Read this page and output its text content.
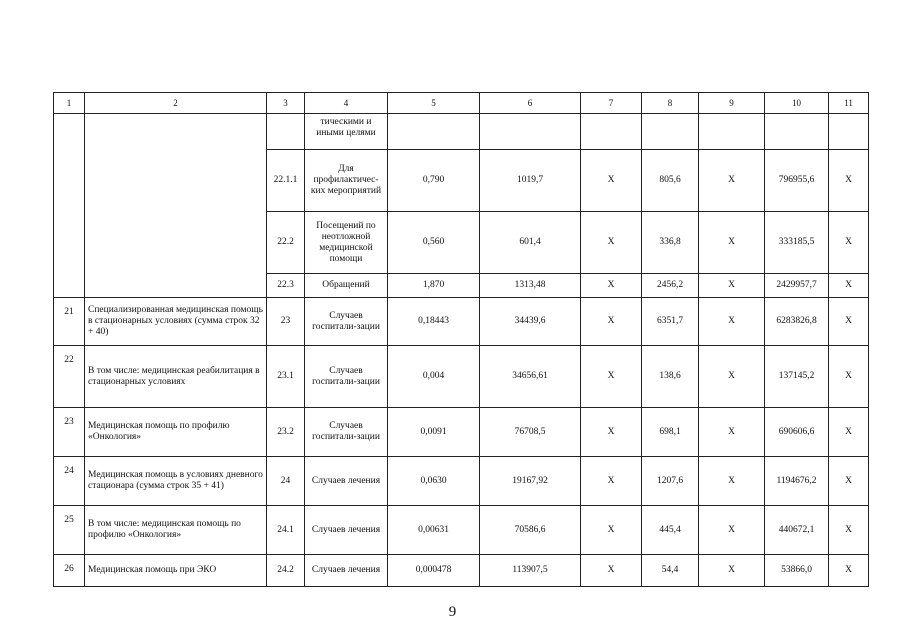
1	2	3	4	5	6	7	8	9	10	11
			тическими и иными целями							
		22.1.1	Для профилактичес-ких мероприятий	0,790	1019,7	X	805,6	X	796955,6	X
		22.2	Посещений по неотложной медицинской помощи	0,560	601,4	X	336,8	X	333185,5	X
		22.3	Обращений	1,870	1313,48	X	2456,2	X	2429957,7	X
21	Специализированная медицинская помощь в стационарных условиях (сумма строк 32 + 40)	23	Случаев госпитали-зации	0,18443	34439,6	X	6351,7	X	6283826,8	X
22	В том числе: медицинская реабилитация в стационарных условиях	23.1	Случаев госпитали-зации	0,004	34656,61	X	138,6	X	137145,2	X
23	Медицинская помощь по профилю «Онкология»	23.2	Случаев госпитали-зации	0,0091	76708,5	X	698,1	X	690606,6	X
24	Медицинская помощь в условиях дневного стационара (сумма строк 35 + 41)	24	Случаев лечения	0,0630	19167,92	X	1207,6	X	1194676,2	X
25	В том числе: медицинская помощь по профилю «Онкология»	24.1	Случаев лечения	0,00631	70586,6	X	445,4	X	440672,1	X
26	Медицинская помощь при ЭКО	24.2	Случаев лечения	0,000478	113907,5	X	54,4	X	53866,0	X
9
